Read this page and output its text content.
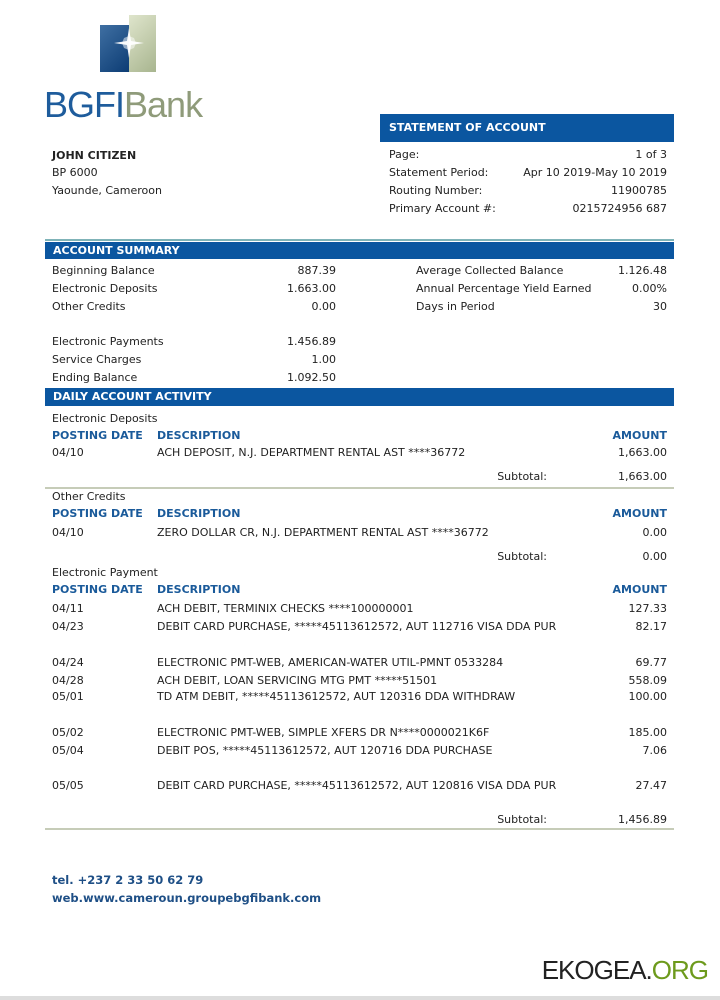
BGFIBank
JOHN CITIZEN
BP 6000
Yaounde, Cameroon
STATEMENT OF ACCOUNT
Page:	1 of 3
Statement Period:	Apr 10 2019-May 10 2019
Routing Number:	11900785
Primary Account #:	0215724956 687
ACCOUNT SUMMARY
Beginning Balance	887.39
Electronic Deposits	1.663.00
Other Credits	0.00
Electronic Payments	1.456.89
Service Charges	1.00
Ending Balance	1.092.50
Average Collected Balance	1.126.48
Annual Percentage Yield Earned	0.00%
Days in Period	30
DAILY ACCOUNT ACTIVITY
Electronic Deposits
POSTING DATE DESCRIPTION	AMOUNT
04/10	ACH DEPOSIT, N.J. DEPARTMENT RENTAL AST ****36772	1,663.00
Subtotal:	1,663.00
Other Credits
POSTING DATE DESCRIPTION	AMOUNT
04/10	ZERO DOLLAR CR, N.J. DEPARTMENT RENTAL AST ****36772	0.00
Subtotal:	0.00
Electronic Payment
POSTING DATE DESCRIPTION	AMOUNT
04/11	ACH DEBIT, TERMINIX CHECKS ****100000001	127.33
04/23	DEBIT CARD PURCHASE, *****45113612572, AUT 112716 VISA DDA PUR	82.17
04/24	ELECTRONIC PMT-WEB, AMERICAN-WATER UTIL-PMNT 0533284	69.77
04/28	ACH DEBIT, LOAN SERVICING MTG PMT *****51501	558.09
05/01	TD ATM DEBIT, *****45113612572, AUT 120316 DDA WITHDRAW	100.00
05/02	ELECTRONIC PMT-WEB, SIMPLE XFERS DR N****0000021K6F	185.00
05/04	DEBIT POS, *****45113612572, AUT 120716 DDA PURCHASE	7.06
05/05	DEBIT CARD PURCHASE, *****45113612572, AUT 120816 VISA DDA PUR	27.47
Subtotal:	1,456.89
tel. +237 2 33 50 62 79
web.www.cameroun.groupebgfibank.com
EKOGEA.ORG
